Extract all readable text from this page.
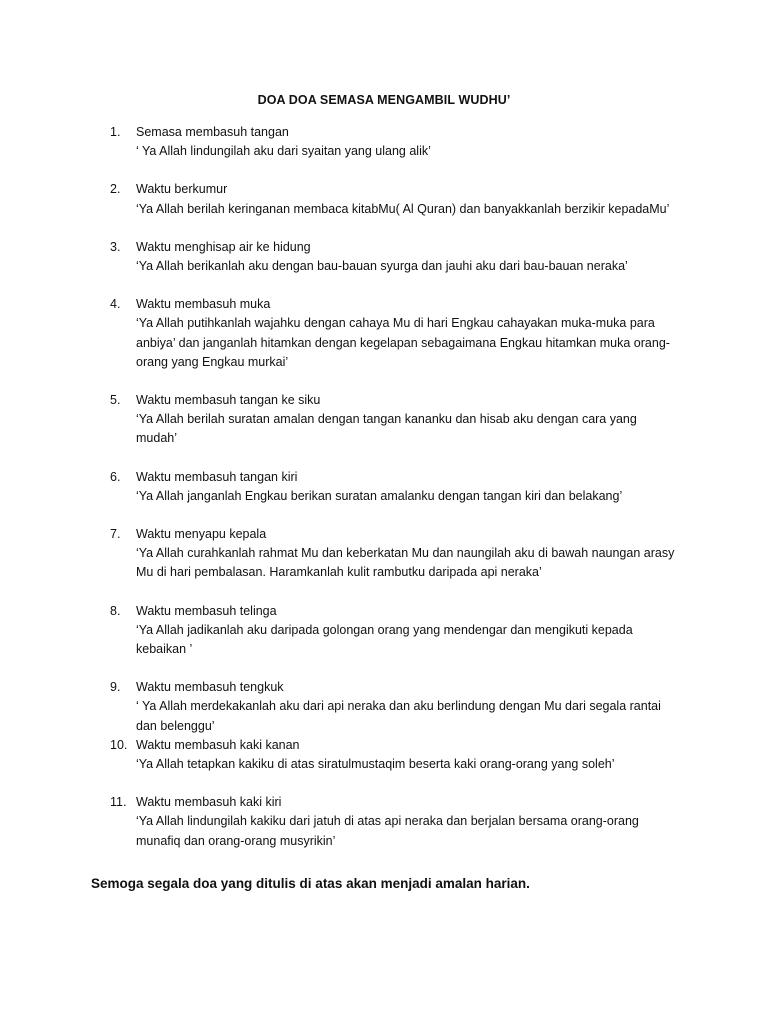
DOA DOA SEMASA MENGAMBIL WUDHU’
1.	Semasa membasuh tangan
‘ Ya Allah lindungilah aku dari syaitan yang ulang alik’
2.	Waktu berkumur
‘Ya Allah berilah keringanan membaca kitabMu( Al Quran) dan banyakkanlah berzikir kepadaMu’
3.	Waktu menghisap air ke hidung
‘Ya Allah berikanlah aku dengan bau-bauan syurga dan jauhi aku dari bau-bauan neraka’
4.	Waktu membasuh muka
‘Ya Allah putihkanlah wajahku dengan cahaya Mu di hari Engkau cahayakan muka-muka para anbiya’ dan janganlah hitamkan dengan kegelapan sebagaimana Engkau hitamkan muka orang-orang yang Engkau murkai’
5.	Waktu membasuh tangan ke siku
‘Ya Allah berilah suratan amalan dengan tangan kananku dan hisab aku dengan cara yang mudah’
6.	Waktu membasuh tangan kiri
‘Ya Allah janganlah Engkau berikan suratan amalanku dengan tangan kiri dan belakang’
7.	Waktu menyapu kepala
‘Ya Allah curahkanlah rahmat Mu dan keberkatan Mu dan naungilah aku di bawah naungan arasy Mu di hari pembalasan. Haramkanlah kulit rambutku daripada api neraka’
8.	Waktu membasuh telinga
‘Ya Allah jadikanlah aku daripada golongan orang yang mendengar dan mengikuti kepada kebaikan ’
9.	Waktu membasuh tengkuk
‘ Ya Allah merdekakanlah aku dari api neraka dan aku berlindung dengan Mu dari segala rantai dan belenggu’
10. Waktu membasuh kaki kanan
‘Ya Allah tetapkan kakiku di atas siratulmustaqim beserta kaki orang-orang yang soleh’
11. Waktu membasuh kaki kiri
‘Ya Allah lindungilah kakiku dari jatuh di atas api neraka dan berjalan bersama orang-orang munafiq dan orang-orang musyrikin’
Semoga segala doa yang ditulis di atas akan menjadi amalan harian.
